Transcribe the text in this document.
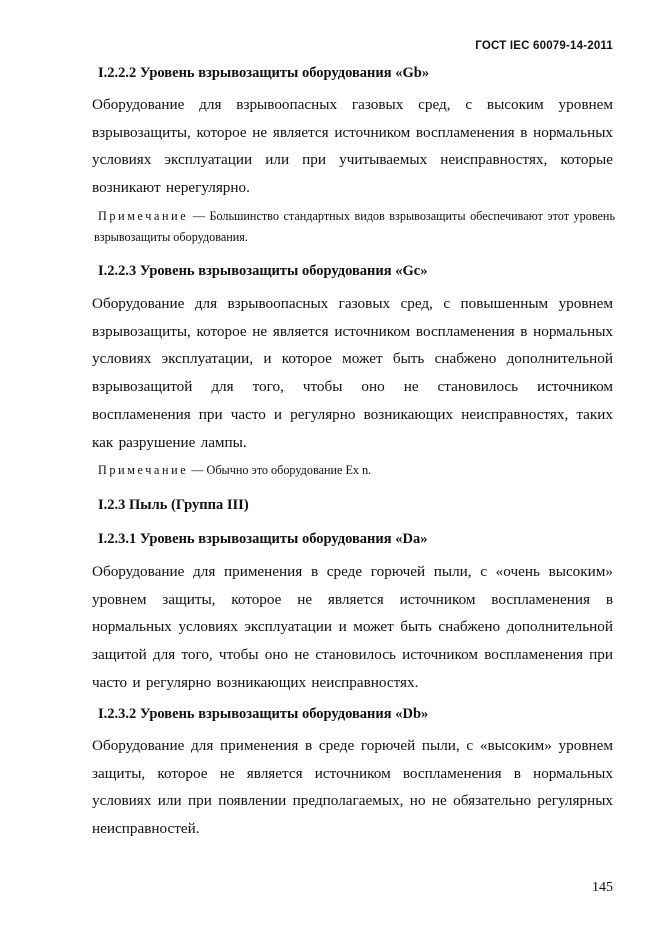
ГОСТ IEC 60079-14-2011

I.2.2.2 Уровень взрывозащиты оборудования «Gb»

Оборудование для взрывоопасных газовых сред, с высоким уровнем взрывозащиты, которое не является источником воспламенения в нормальных условиях эксплуатации или при учитываемых неисправностях, которые возникают нерегулярно.

Примечание — Большинство стандартных видов взрывозащиты обеспечивают этот уровень взрывозащиты оборудования.

I.2.2.3 Уровень взрывозащиты оборудования «Gc»

Оборудование для взрывоопасных газовых сред, с повышенным уровнем взрывозащиты, которое не является источником воспламенения в нормальных условиях эксплуатации, и которое может быть снабжено дополнительной взрывозащитой для того, чтобы оно не становилось источником воспламенения при часто и регулярно возникающих неисправностях, таких как разрушение лампы.

Примечание — Обычно это оборудование Ex n.

I.2.3 Пыль (Группа III)

I.2.3.1 Уровень взрывозащиты оборудования «Da»

Оборудование для применения в среде горючей пыли, с «очень высоким» уровнем защиты, которое не является источником воспламенения в нормальных условиях эксплуатации и может быть снабжено дополнительной защитой для того, чтобы оно не становилось источником воспламенения при часто и регулярно возникающих неисправностях.

I.2.3.2 Уровень взрывозащиты оборудования «Db»

Оборудование для применения в среде горючей пыли, с «высоким» уровнем защиты, которое не является источником воспламенения в нормальных условиях или при появлении предполагаемых, но не обязательно регулярных неисправностей.

145
